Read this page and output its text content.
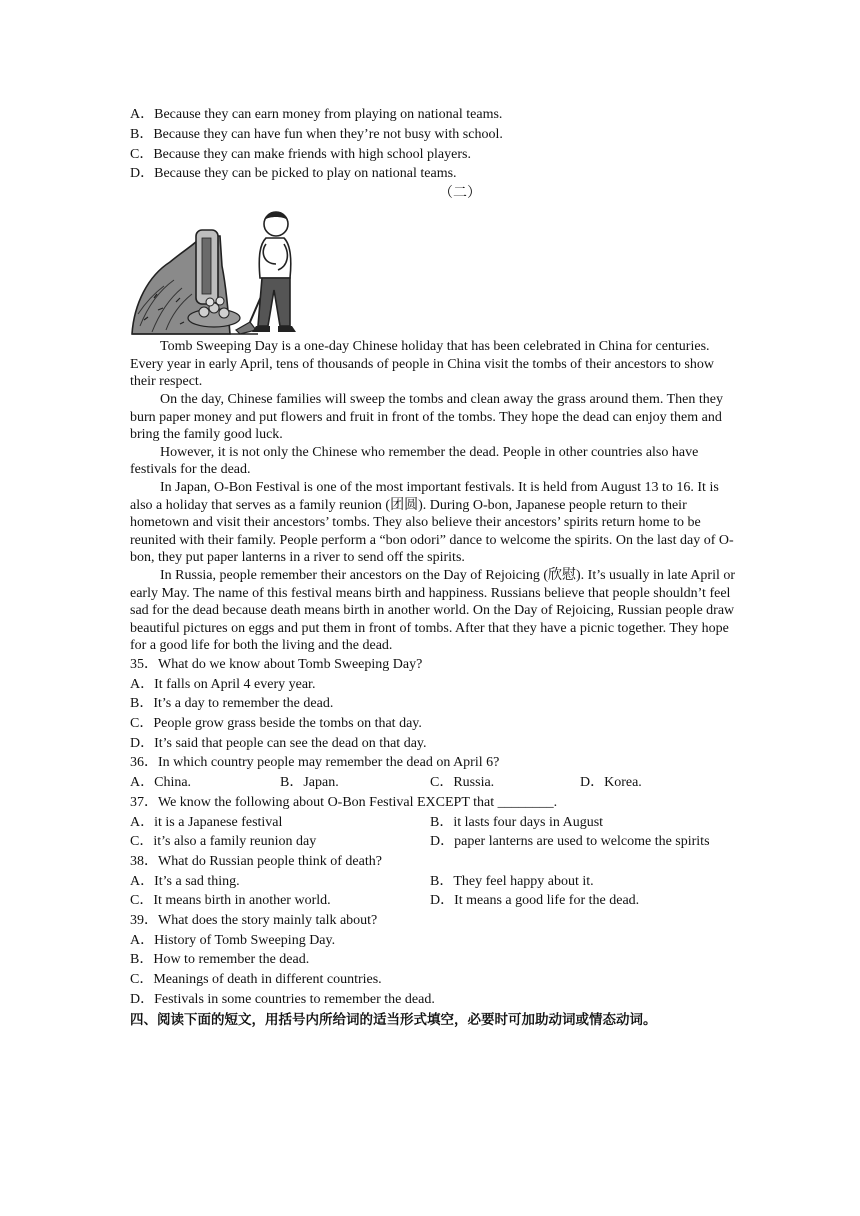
A．Because they can earn money from playing on national teams.
B．Because they can have fun when they’re not busy with school.
C．Because they can make friends with high school players.
D．Because they can be picked to play on national teams.
（二）
Tomb Sweeping Day is a one-day Chinese holiday that has been celebrated in China for centuries. Every year in early April, tens of thousands of people in China visit the tombs of their ancestors to show their respect.
On the day, Chinese families will sweep the tombs and clean away the grass around them. Then they burn paper money and put flowers and fruit in front of the tombs. They hope the dead can enjoy them and bring the family good luck.
However, it is not only the Chinese who remember the dead. People in other countries also have festivals for the dead.
In Japan, O-Bon Festival is one of the most important festivals. It is held from August 13 to 16. It is also a holiday that serves as a family reunion (团圆). During O-bon, Japanese people return to their hometown and visit their ancestors’ tombs. They also believe their ancestors’ spirits return home to be reunited with their family. People perform a “bon odori” dance to welcome the spirits. On the last day of O-bon, they put paper lanterns in a river to send off the spirits.
In Russia, people remember their ancestors on the Day of Rejoicing (欣慰). It’s usually in late April or early May. The name of this festival means birth and happiness. Russians believe that people shouldn’t feel sad for the dead because death means birth in another world. On the Day of Rejoicing, Russian people draw beautiful pictures on eggs and put them in front of tombs. After that they have a picnic together. They hope for a good life for both the living and the dead.
35．What do we know about Tomb Sweeping Day?
A．It falls on April 4 every year.
B．It’s a day to remember the dead.
C．People grow grass beside the tombs on that day.
D．It’s said that people can see the dead on that day.
36．In which country people may remember the dead on April 6?
A．China.	B．Japan.	C．Russia.	D．Korea.
37．We know the following about O-Bon Festival EXCEPT that ________.
A．it is a Japanese festival	B．it lasts four days in August
C．it’s also a family reunion day	D．paper lanterns are used to welcome the spirits
38．What do Russian people think of death?
A．It’s a sad thing.	B．They feel happy about it.
C．It means birth in another world.	D．It means a good life for the dead.
39．What does the story mainly talk about?
A．History of Tomb Sweeping Day.
B．How to remember the dead.
C．Meanings of death in different countries.
D．Festivals in some countries to remember the dead.
四、阅读下面的短文，用括号内所给词的适当形式填空，必要时可加助动词或情态动词。
